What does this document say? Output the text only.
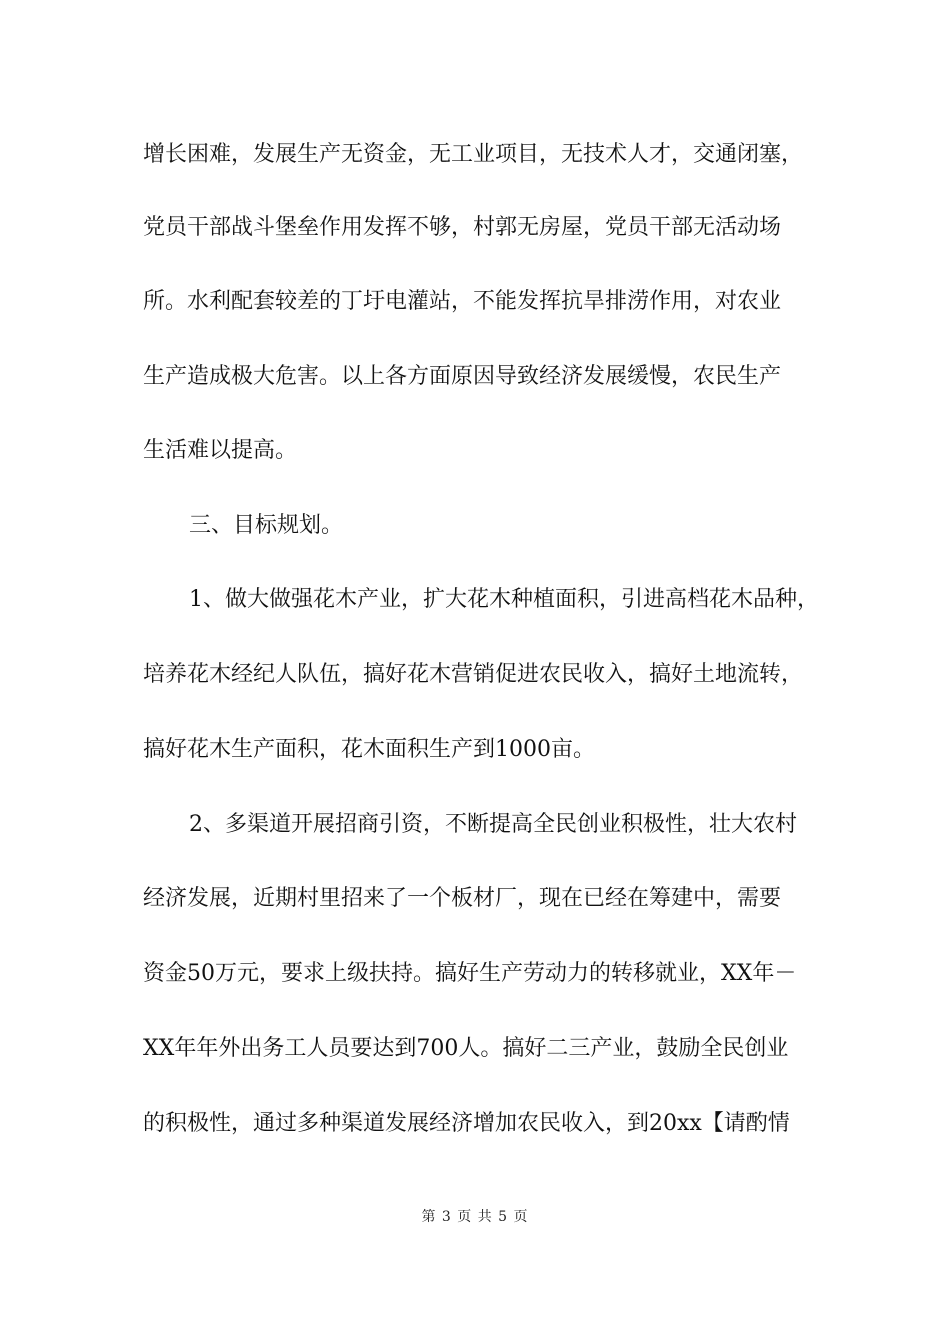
增长困难，发展生产无资金，无工业项目，无技术人才，交通闭塞，
党员干部战斗堡垒作用发挥不够，村郭无房屋，党员干部无活动场
所。水利配套较差的丁圩电灌站，不能发挥抗旱排涝作用，对农业
生产造成极大危害。以上各方面原因导致经济发展缓慢，农民生产
生活难以提高。
三、目标规划。
1、做大做强花木产业，扩大花木种植面积，引进高档花木品种，
培养花木经纪人队伍，搞好花木营销促进农民收入，搞好土地流转，
搞好花木生产面积，花木面积生产到1000亩。
2、多渠道开展招商引资，不断提高全民创业积极性，壮大农村
经济发展，近期村里招来了一个板材厂，现在已经在筹建中，需要
资金50万元，要求上级扶持。搞好生产劳动力的转移就业，XX年－
XX年年外出务工人员要达到700人。搞好二三产业，鼓励全民创业
的积极性，通过多种渠道发展经济增加农民收入，到20xx【请酌情
第 3 页 共 5 页
